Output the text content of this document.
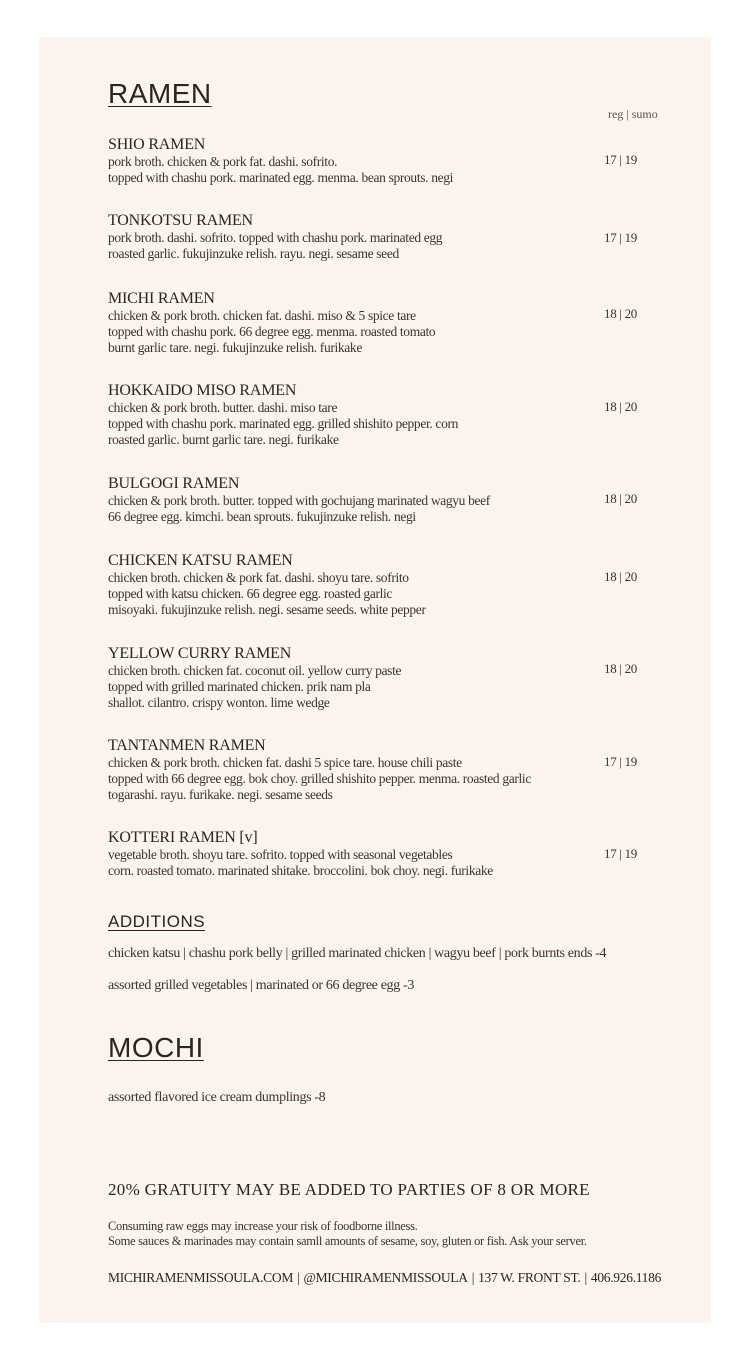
RAMEN
reg | sumo
SHIO RAMEN
pork broth. chicken & pork fat. dashi. sofrito.
topped with chashu pork. marinated egg. menma. bean sprouts. negi
17 | 19
TONKOTSU RAMEN
pork broth. dashi. sofrito. topped with chashu pork. marinated egg
roasted garlic. fukujinzuke relish. rayu. negi. sesame seed
17 | 19
MICHI RAMEN
chicken & pork broth. chicken fat. dashi. miso & 5 spice tare
topped with chashu pork. 66 degree egg. menma. roasted tomato
burnt garlic tare. negi. fukujinzuke relish. furikake
18 | 20
HOKKAIDO MISO RAMEN
chicken & pork broth. butter. dashi. miso tare
topped with chashu pork. marinated egg. grilled shishito pepper. corn
roasted garlic. burnt garlic tare. negi. furikake
18 | 20
BULGOGI RAMEN
chicken & pork broth. butter. topped with gochujang marinated wagyu beef
66 degree egg. kimchi. bean sprouts. fukujinzuke relish. negi
18 | 20
CHICKEN KATSU RAMEN
chicken broth. chicken & pork fat. dashi. shoyu tare. sofrito
topped with katsu chicken. 66 degree egg. roasted garlic
misoyaki. fukujinzuke relish. negi. sesame seeds. white pepper
18 | 20
YELLOW CURRY RAMEN
chicken broth. chicken fat. coconut oil. yellow curry paste
topped with grilled marinated chicken. prik nam pla
shallot. cilantro. crispy wonton. lime wedge
18 | 20
TANTANMEN RAMEN
chicken & pork broth. chicken fat. dashi 5 spice tare. house chili paste
topped with 66 degree egg. bok choy. grilled shishito pepper. menma. roasted garlic
togarashi. rayu. furikake. negi. sesame seeds
17 | 19
KOTTERI RAMEN [v]
vegetable broth. shoyu tare. sofrito. topped with seasonal vegetables
corn. roasted tomato. marinated shitake. broccolini. bok choy. negi. furikake
17 | 19
ADDITIONS
chicken katsu | chashu pork belly | grilled marinated chicken | wagyu beef | pork burnts ends -4
assorted grilled vegetables | marinated or 66 degree egg -3
MOCHI
assorted flavored ice cream dumplings -8
20% GRATUITY MAY BE ADDED TO PARTIES OF 8 OR MORE
Consuming raw eggs may increase your risk of foodborne illness.
Some sauces & marinades may contain samll amounts of sesame, soy, gluten or fish. Ask your server.
MICHIRAMENMISSOULA.COM | @MICHIRAMENMISSOULA | 137 W. FRONT ST. | 406.926.1186
